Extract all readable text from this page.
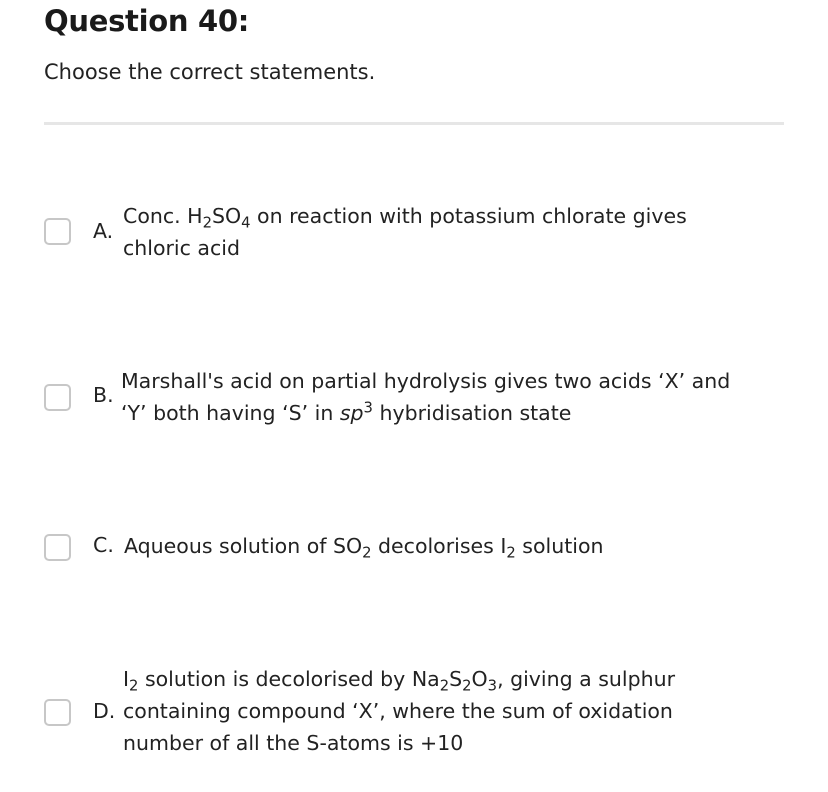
Question 40:
Choose the correct statements.
A.
Conc. $H_2SO_4$ on reaction with potassium chlorate gives
chloric acid
B.
Marshall's acid on partial hydrolysis gives two acids ‘X’ and
‘Y’ both having ‘S’ in $sp^3$ hybridisation state
C. Aqueous solution of $SO_2$ decolorises $I_2$ solution
D.
$I_2$ solution is decolorised by $Na_2S_2O_3$, giving a sulphur
containing compound ‘X’, where the sum of oxidation
number of all the S-atoms is +10
